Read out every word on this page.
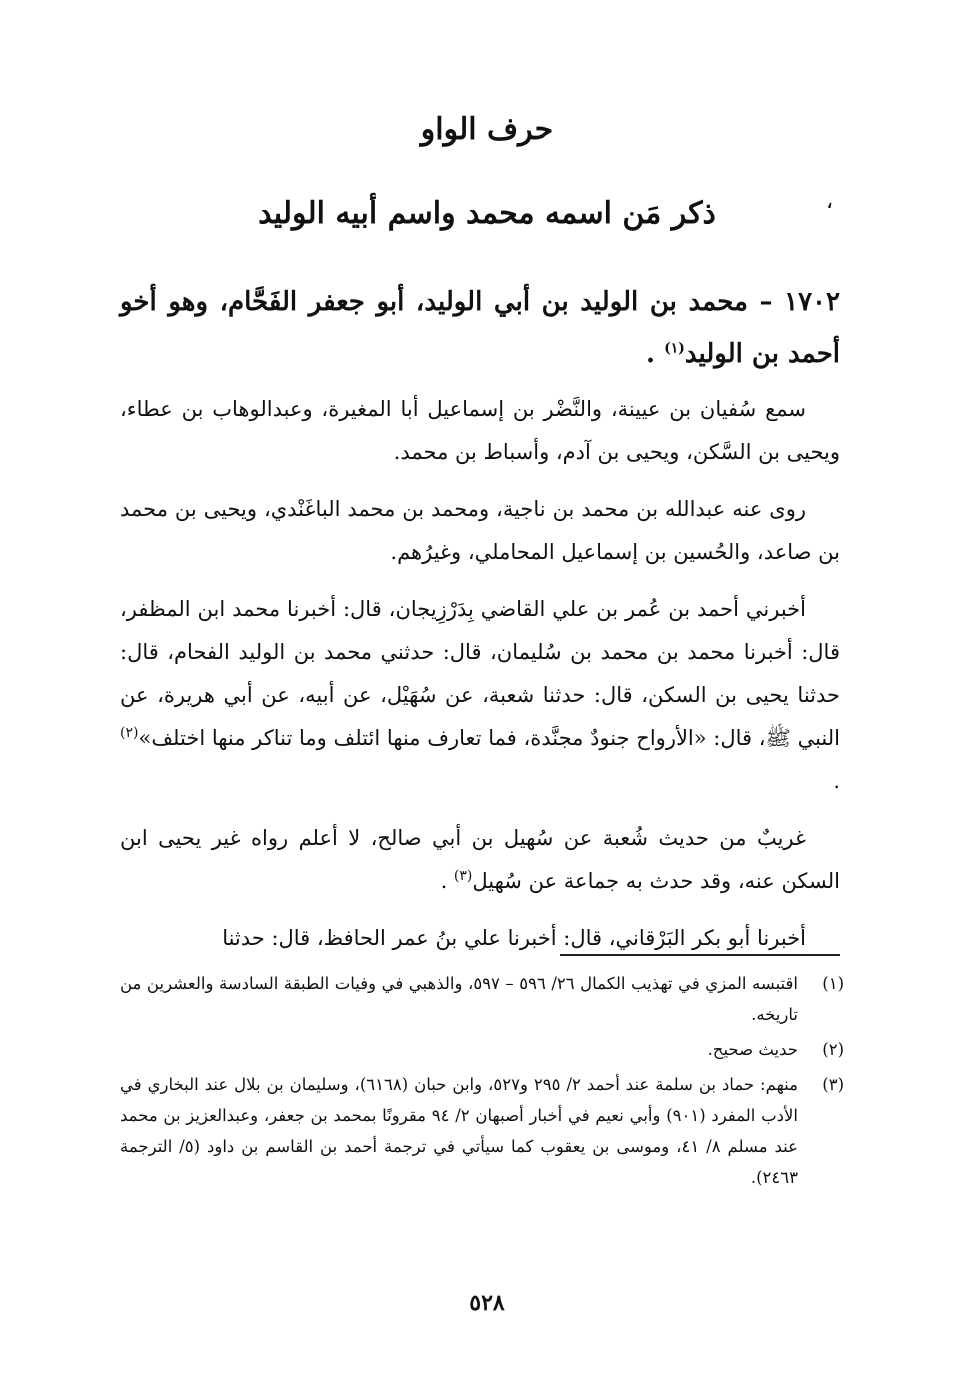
حرف الواو
ذكر مَن اسمه محمد واسم أبيه الوليد	،
١٧٠٢ – محمد بن الوليد بن أبي الوليد، أبو جعفر الفَحَّام، وهو أخو أحمد بن الوليد$^{(١)}$ .

سمع سُفيان بن عيينة، والنَّضْر بن إسماعيل أبا المغيرة، وعبدالوهاب بن عطاء، ويحيى بن السَّكن، ويحيى بن آدم، وأسباط بن محمد.

روى عنه عبدالله بن محمد بن ناجية، ومحمد بن محمد الباغَنْدي، ويحيى بن محمد بن صاعد، والحُسين بن إسماعيل المحاملي، وغيرُهم.

أخبرني أحمد بن عُمر بن علي القاضي بِدَرْزِيجان، قال: أخبرنا محمد ابن المظفر، قال: أخبرنا محمد بن محمد بن سُليمان، قال: حدثني محمد بن الوليد الفحام، قال: حدثنا يحيى بن السكن، قال: حدثنا شعبة، عن سُهَيْل، عن أبيه، عن أبي هريرة، عن النبي ﷺ، قال: «الأرواح جنودٌ مجنَّدة، فما تعارف منها ائتلف وما تناكر منها اختلف»$^{(٢)}$ .

غريبٌ من حديث شُعبة عن سُهيل بن أبي صالح، لا أعلم رواه غير يحيى ابن السكن عنه، وقد حدث به جماعة عن سُهيل$^{(٣)}$ .

أخبرنا أبو بكر البَرْقاني، قال: أخبرنا علي بنُ عمر الحافظ، قال: حدثنا

(١)
اقتبسه المزي في تهذيب الكمال ٢٦/ ٥٩٦ – ٥٩٧، والذهبي في وفيات الطبقة السادسة والعشرين من تاريخه.
(٢)
حديث صحيح.
(٣)
منهم: حماد بن سلمة عند أحمد ٢/ ٢٩٥ و٥٢٧، وابن حبان (٦١٦٨)، وسليمان بن بلال عند البخاري في الأدب المفرد (٩٠١) وأبي نعيم في أخبار أصبهان ٢/ ٩٤ مقرونًا بمحمد بن جعفر، وعبدالعزيز بن محمد عند مسلم ٨/ ٤١، وموسى بن يعقوب كما سيأتي في ترجمة أحمد بن القاسم بن داود (٥/ الترجمة ٢٤٦٣).
٥٢٨
